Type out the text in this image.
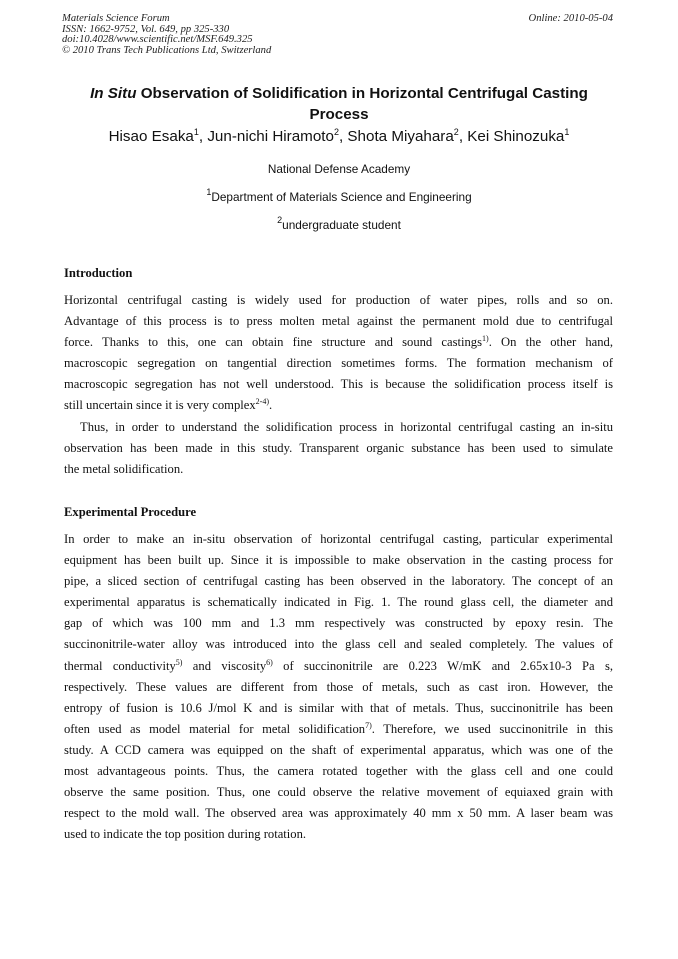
Materials Science Forum
ISSN: 1662-9752, Vol. 649, pp 325-330
doi:10.4028/www.scientific.net/MSF.649.325
© 2010 Trans Tech Publications Ltd, Switzerland
Online: 2010-05-04
In Situ Observation of Solidification in Horizontal Centrifugal Casting
Process
Hisao Esaka$^1$, Jun-nichi Hiramoto$^2$, Shota Miyahara$^2$, Kei Shinozuka$^1$
National Defense Academy
$^1$Department of Materials Science and Engineering
$^2$undergraduate student
Introduction
Horizontal centrifugal casting is widely used for production of water pipes, rolls and so on.
Advantage of this process is to press molten metal against the permanent mold due to centrifugal
force. Thanks to this, one can obtain fine structure and sound castings$^{1)}$. On the other hand,
macroscopic segregation on tangential direction sometimes forms. The formation mechanism of
macroscopic segregation has not well understood. This is because the solidification process itself is
still uncertain since it is very complex$^{2-4)}$.
Thus, in order to understand the solidification process in horizontal centrifugal casting an in-situ
observation has been made in this study. Transparent organic substance has been used to simulate
the metal solidification.
Experimental Procedure
In order to make an in-situ observation of horizontal centrifugal casting, particular experimental
equipment has been built up. Since it is impossible to make observation in the casting process for
pipe, a sliced section of centrifugal casting has been observed in the laboratory. The concept of an
experimental apparatus is schematically indicated in Fig. 1. The round glass cell, the diameter and
gap of which was 100 mm and 1.3 mm respectively was constructed by epoxy resin. The
succinonitrile-water alloy was introduced into the glass cell and sealed completely. The values of
thermal conductivity$^{5)}$ and viscosity$^{6)}$ of succinonitrile are 0.223 W/mK and 2.65x10-3 Pa s,
respectively. These values are different from those of metals, such as cast iron. However, the
entropy of fusion is 10.6 J/mol K and is similar with that of metals. Thus, succinonitrile has been
often used as model material for metal solidification$^{7)}$. Therefore, we used succinonitrile in this
study. A CCD camera was equipped on the shaft of experimental apparatus, which was one of the
most advantageous points. Thus, the camera rotated together with the glass cell and one could
observe the same position. Thus, one could observe the relative movement of equiaxed grain with
respect to the mold wall. The observed area was approximately 40 mm x 50 mm. A laser beam was
used to indicate the top position during rotation.
